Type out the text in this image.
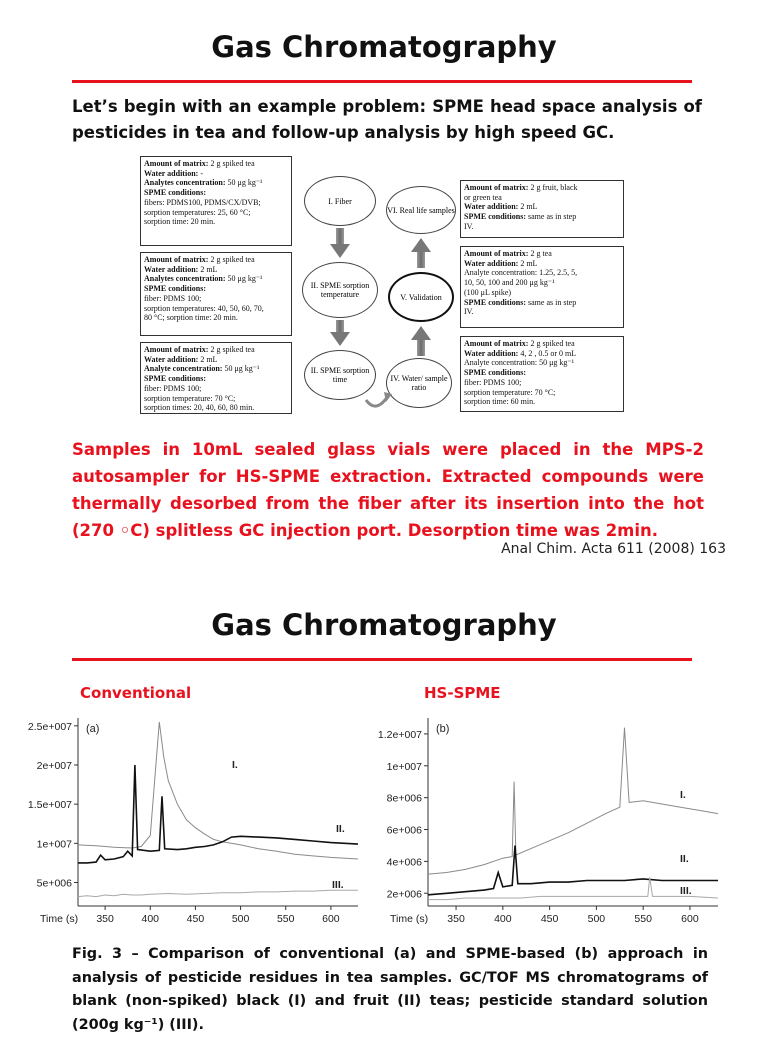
Gas Chromatography
Let’s begin with an example problem: SPME head space analysis of pesticides in tea and follow-up analysis by high speed GC.
Amount of matrix: 2 g spiked tea
Water addition: -
Analytes concentration: 50 μg kg⁻¹
SPME conditions:
fibers: PDMS100, PDMS/CX/DVB;
sorption temperatures: 25, 60 °C;
sorption time: 20 min.
Amount of matrix: 2 g spiked tea
Water addition: 2 mL
Analytes concentration: 50 μg kg⁻¹
SPME conditions:
fiber: PDMS 100;
sorption temperatures: 40, 50, 60, 70,
80 °C; sorption time: 20 min.
Amount of matrix: 2 g spiked tea
Water addition: 2 mL
Analyte concentration: 50 μg kg⁻¹
SPME conditions:
fiber: PDMS 100;
sorption temperature: 70 °C;
sorption times: 20, 40, 60, 80 min.
Amount of matrix: 2 g fruit, black
or green tea
Water addition: 2 mL
SPME conditions: same as in step
IV.
Amount of matrix: 2 g tea
Water addition: 2 mL
Analyte concentration: 1.25, 2.5, 5,
10, 50, 100 and 200 μg kg⁻¹
(100 μL spike)
SPME conditions: same as in step
IV.
Amount of matrix: 2 g spiked tea
Water addition: 4, 2 , 0.5 or 0 mL
Analyte concentration: 50 μg kg⁻¹
SPME conditions:
fiber: PDMS 100;
sorption temperature: 70 °C;
sorption time: 60 min.
I. Fiber
II. SPME sorption temperature
II. SPME sorption time	IV. Water/ sample ratio
V. Validation
VI. Real life samples
Samples in 10mL sealed glass vials were placed in the MPS-2 autosampler for HS-SPME extraction. Extracted compounds were thermally desorbed from the fiber after its insertion into the hot (270 ◦C) splitless GC injection port. Desorption time was 2min.
Anal Chim. Acta 611 (2008) 163
Gas Chromatography
Conventional	HS-SPME
5e+006
1e+007
1.5e+007
2e+007
2.5e+007
350	400	450	500	550	600
Time (s)
(a)
I.
II.
III.
2e+006
4e+006
6e+006
8e+006
1e+007
1.2e+007
350	400	450	500	550	600
Time (s)
(b)
I.
II.
III.
Fig. 3 – Comparison of conventional (a) and SPME-based (b) approach in analysis of pesticide residues in tea samples. GC/TOF MS chromatograms of blank (non-spiked) black (I) and fruit (II) teas; pesticide standard solution (200g kg⁻¹) (III).
